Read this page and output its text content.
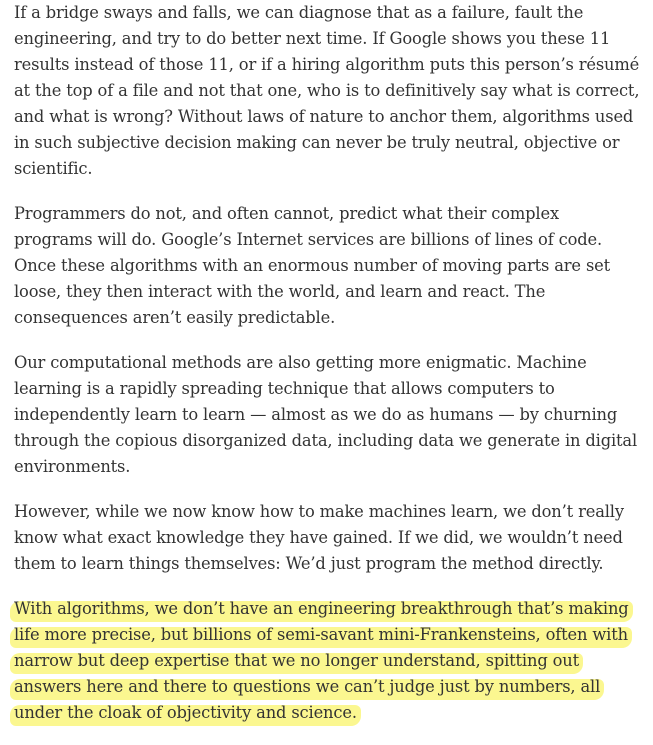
If a bridge sways and falls, we can diagnose that as a failure, fault the
engineering, and try to do better next time. If Google shows you these 11
results instead of those 11, or if a hiring algorithm puts this person’s résumé
at the top of a file and not that one, who is to definitively say what is correct,
and what is wrong? Without laws of nature to anchor them, algorithms used
in such subjective decision making can never be truly neutral, objective or
scientific.

Programmers do not, and often cannot, predict what their complex
programs will do. Google’s Internet services are billions of lines of code.
Once these algorithms with an enormous number of moving parts are set
loose, they then interact with the world, and learn and react. The
consequences aren’t easily predictable.

Our computational methods are also getting more enigmatic. Machine
learning is a rapidly spreading technique that allows computers to
independently learn to learn — almost as we do as humans — by churning
through the copious disorganized data, including data we generate in digital
environments.

However, while we now know how to make machines learn, we don’t really
know what exact knowledge they have gained. If we did, we wouldn’t need
them to learn things themselves: We’d just program the method directly.

With algorithms, we don’t have an engineering breakthrough that’s making
life more precise, but billions of semi-savant mini-Frankensteins, often with
narrow but deep expertise that we no longer understand, spitting out
answers here and there to questions we can’t judge just by numbers, all
under the cloak of objectivity and science.
